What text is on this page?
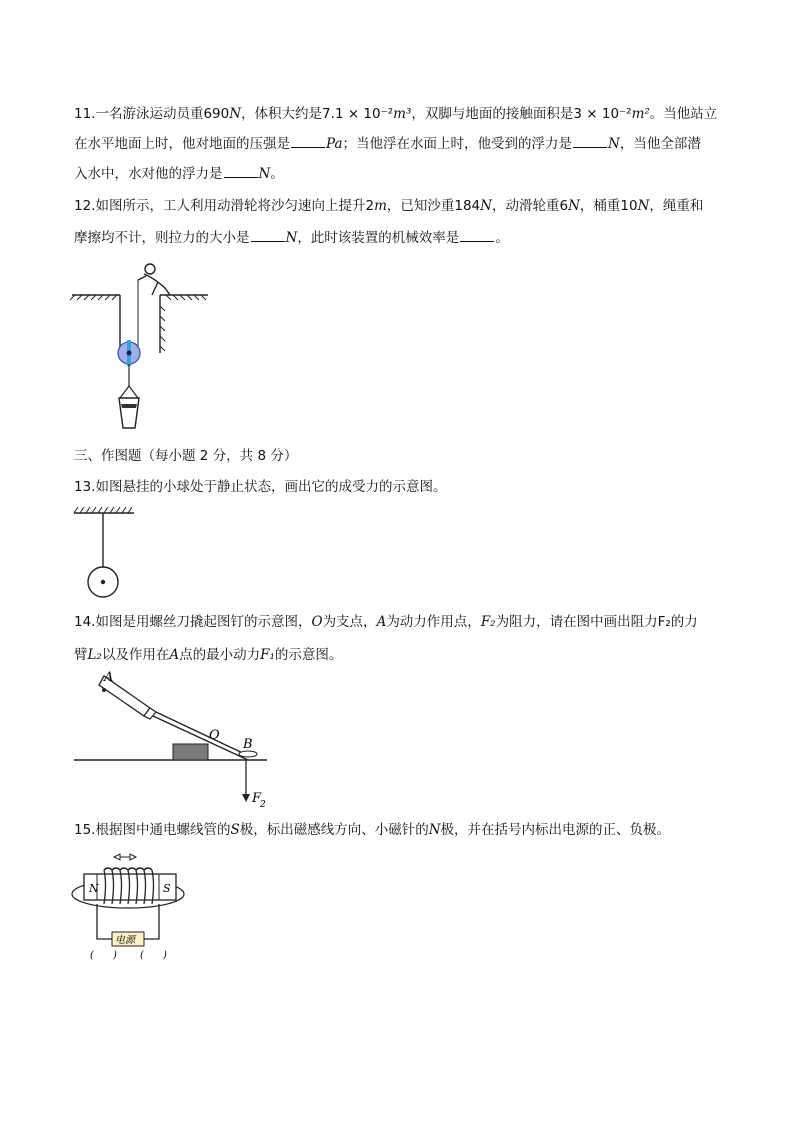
11.一名游泳运动员重690N，体积大约是7.1 × 10⁻²m³，双脚与地面的接触面积是3 × 10⁻²m²。当他站立
在水平地面上时，他对地面的压强是	Pa；当他浮在水面上时，他受到的浮力是	N，当他全部潜
入水中，水对他的浮力是	N。
12.如图所示，工人利用动滑轮将沙匀速向上提升2m，已知沙重184N，动滑轮重6N，桶重10N，绳重和
摩擦均不计，则拉力的大小是	N，此时该装置的机械效率是	。
三、作图题（每小题 2 分，共 8 分）
13.如图悬挂的小球处于静止状态，画出它的成受力的示意图。
14.如图是用螺丝刀撬起图钉的示意图，O为支点，A为动力作用点，F₂为阻力，请在图中画出阻力F₂的力
臂L₂以及作用在A点的最小动力F₁的示意图。
A
O
B
F
2
15.根据图中通电螺线管的S极，标出磁感线方向、小磁针的N极，并在括号内标出电源的正、负极。
N	S
电源
(      ) (      )
